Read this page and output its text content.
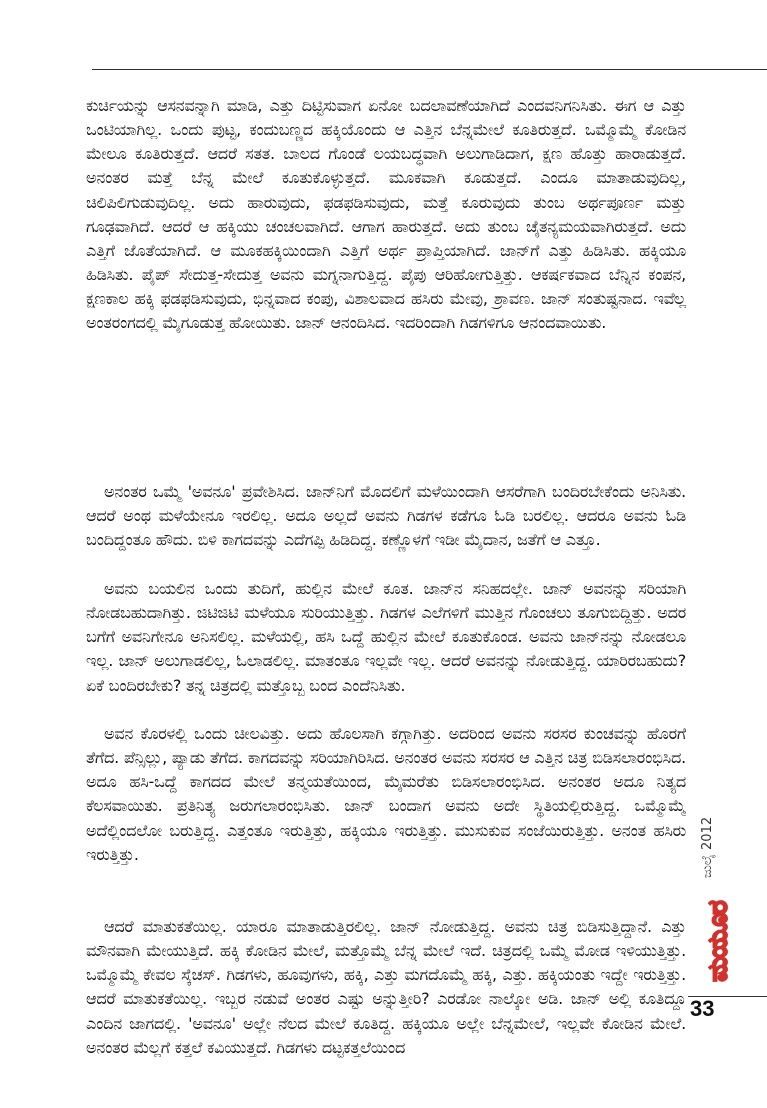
ಕುರ್ಚಿಯನ್ನು ಆಸನವನ್ನಾಗಿ ಮಾಡಿ, ಎತ್ತು ದಿಟ್ಟಿಸುವಾಗ ಏನೋ ಬದಲಾವಣೆಯಾಗಿದೆ ಎಂದವನಿಗನಿಸಿತು. ಈಗ ಆ ಎತ್ತು ಒಂಟಿಯಾಗಿಲ್ಲ. ಒಂದು ಪುಟ್ಟ, ಕಂದುಬಣ್ಣದ ಹಕ್ಕಿಯೊಂದು ಆ ಎತ್ತಿನ ಬೆನ್ನಮೇಲೆ ಕೂತಿರುತ್ತದೆ. ಒಮ್ಮೊಮ್ಮೆ ಕೋಡಿನ ಮೇಲೂ ಕೂತಿರುತ್ತದೆ. ಆದರೆ ಸತತ. ಬಾಲದ ಗೊಂಡೆ ಲಯಬದ್ಧವಾಗಿ ಅಲುಗಾಡಿದಾಗ, ಕ್ಷಣ ಹೊತ್ತು ಹಾರಾಡುತ್ತದೆ. ಅನಂತರ ಮತ್ತೆ ಬೆನ್ನ ಮೇಲೆ ಕೂತುಕೊಳ್ಳುತ್ತದೆ. ಮೂಕವಾಗಿ ಕೂಡುತ್ತದೆ. ಎಂದೂ ಮಾತಾಡುವುದಿಲ್ಲ, ಚಿಲಿಪಿಲಿಗುಡುವುದಿಲ್ಲ. ಅದು ಹಾರುವುದು, ಫಡಫಡಿಸುವುದು, ಮತ್ತೆ ಕೂರುವುದು ತುಂಬ ಅರ್ಥಪೂರ್ಣ ಮತ್ತು ಗೂಢವಾಗಿದೆ. ಆದರೆ ಆ ಹಕ್ಕಿಯು ಚಂಚಲವಾಗಿದೆ. ಆಗಾಗ ಹಾರುತ್ತದೆ. ಅದು ತುಂಬ ಚೈತನ್ಯಮಯವಾಗಿರುತ್ತದೆ. ಅದು ಎತ್ತಿಗೆ ಜೊತೆಯಾಗಿದೆ. ಆ ಮೂಕಹಕ್ಕಿಯಿಂದಾಗಿ ಎತ್ತಿಗೆ ಅರ್ಥ ಪ್ರಾಪ್ತಿಯಾಗಿದೆ. ಜಾನ್‌ಗೆ ಎತ್ತು ಹಿಡಿಸಿತು. ಹಕ್ಕಿಯೂ ಹಿಡಿಸಿತು. ಪೈಪ್ ಸೇದುತ್ತ-ಸೇದುತ್ತ ಅವನು ಮಗ್ನನಾಗುತ್ತಿದ್ದ. ಪೈಪು ಆರಿಹೋಗುತ್ತಿತ್ತು. ಆಕರ್ಷಕವಾದ ಬೆನ್ನಿನ ಕಂಪನ, ಕ್ಷಣಕಾಲ ಹಕ್ಕಿ ಫಡಫಡಿಸುವುದು, ಭಿನ್ನವಾದ ಕಂಪು, ವಿಶಾಲವಾದ ಹಸಿರು ಮೇವು, ಶ್ರಾವಣ. ಜಾನ್ ಸಂತುಷ್ಟನಾದ. ಇವೆಲ್ಲ ಅಂತರಂಗದಲ್ಲಿ ಮೈಗೂಡುತ್ತ ಹೋಯಿತು. ಜಾನ್ ಆನಂದಿಸಿದ. ಇದರಿಂದಾಗಿ ಗಿಡಗಳಿಗೂ ಆನಂದವಾಯಿತು.

ಅನಂತರ ಒಮ್ಮೆ 'ಅವನೂ' ಪ್ರವೇಶಿಸಿದ. ಜಾನ್‌ನಿಗೆ ಮೊದಲಿಗೆ ಮಳೆಯಿಂದಾಗಿ ಆಸರೆಗಾಗಿ ಬಂದಿರಬೇಕೆಂದು ಅನಿಸಿತು. ಆದರೆ ಅಂಥ ಮಳೆಯೇನೂ ಇರಲಿಲ್ಲ. ಅದೂ ಅಲ್ಲದೆ ಅವನು ಗಿಡಗಳ ಕಡೆಗೂ ಓಡಿ ಬರಲಿಲ್ಲ. ಆದರೂ ಅವನು ಓಡಿ ಬಂದಿದ್ದಂತೂ ಹೌದು. ಬಿಳಿ ಕಾಗದವನ್ನು ಎದೆಗಪ್ಪಿ ಹಿಡಿದಿದ್ದ. ಕಣ್ಣೊಳಗೆ ಇಡೀ ಮೈದಾನ, ಜತೆಗೆ ಆ ಎತ್ತೂ.

ಅವನು ಬಯಲಿನ ಒಂದು ತುದಿಗೆ, ಹುಲ್ಲಿನ ಮೇಲೆ ಕೂತ. ಜಾನ್‌ನ ಸನಿಹದಲ್ಲೇ. ಜಾನ್ ಅವನನ್ನು ಸರಿಯಾಗಿ ನೋಡಬಹುದಾಗಿತ್ತು. ಜಿಟಿಜಿಟಿ ಮಳೆಯೂ ಸುರಿಯುತ್ತಿತ್ತು. ಗಿಡಗಳ ಎಲೆಗಳಿಗೆ ಮುತ್ತಿನ ಗೊಂಚಲು ತೂಗುಬಿದ್ದಿತ್ತು. ಅದರ ಬಗೆಗೆ ಅವನಿಗೇನೂ ಅನಿಸಲಿಲ್ಲ. ಮಳೆಯಲ್ಲಿ, ಹಸಿ ಒದ್ದೆ ಹುಲ್ಲಿನ ಮೇಲೆ ಕೂತುಕೊಂಡ. ಅವನು ಜಾನ್‌ನನ್ನು ನೋಡಲೂ ಇಲ್ಲ. ಜಾನ್ ಅಲುಗಾಡಲಿಲ್ಲ, ಓಲಾಡಲಿಲ್ಲ. ಮಾತಂತೂ ಇಲ್ಲವೇ ಇಲ್ಲ. ಆದರೆ ಅವನನ್ನು ನೋಡುತ್ತಿದ್ದ. ಯಾರಿರಬಹುದು? ಏಕೆ ಬಂದಿರಬೇಕು? ತನ್ನ ಚಿತ್ರದಲ್ಲಿ ಮತ್ತೊಬ್ಬ ಬಂದ ಎಂದೆನಿಸಿತು.

ಅವನ ಕೊರಳಲ್ಲಿ ಒಂದು ಚೀಲವಿತ್ತು. ಅದು ಹೊಲಸಾಗಿ ಕಗ್ಗಾಗಿತ್ತು. ಅದರಿಂದ ಅವನು ಸರಸರ ಕುಂಚವನ್ನು ಹೊರಗೆ ತೆಗೆದ. ಪೆನ್ಸಿಲ್ಲು, ಪ್ಯಾಡು ತೆಗೆದ. ಕಾಗದವನ್ನು ಸರಿಯಾಗಿರಿಸಿದ. ಅನಂತರ ಅವನು ಸರಸರ ಆ ಎತ್ತಿನ ಚಿತ್ರ ಬಿಡಿಸಲಾರಂಭಿಸಿದ. ಅದೂ ಹಸಿ-ಒದ್ದೆ ಕಾಗದದ ಮೇಲೆ ತನ್ಮಯತೆಯಿಂದ, ಮೈಮರೆತು ಬಿಡಿಸಲಾರಂಭಿಸಿದ. ಅನಂತರ ಅದೂ ನಿತ್ಯದ ಕೆಲಸವಾಯಿತು. ಪ್ರತಿನಿತ್ಯ ಜರುಗಲಾರಂಭಿಸಿತು. ಜಾನ್ ಬಂದಾಗ ಅವನು ಅದೇ ಸ್ಥಿತಿಯಲ್ಲಿರುತ್ತಿದ್ದ. ಒಮ್ಮೊಮ್ಮೆ ಅದೆಲ್ಲಿಂದಲೋ ಬರುತ್ತಿದ್ದ. ಎತ್ತಂತೂ ಇರುತ್ತಿತ್ತು, ಹಕ್ಕಿಯೂ ಇರುತ್ತಿತ್ತು. ಮುಸುಕುವ ಸಂಜೆಯಿರುತ್ತಿತ್ತು. ಅನಂತ ಹಸಿರು ಇರುತ್ತಿತ್ತು.

ಆದರೆ ಮಾತುಕತೆಯಿಲ್ಲ. ಯಾರೂ ಮಾತಾಡುತ್ತಿರಲಿಲ್ಲ. ಜಾನ್ ನೋಡುತ್ತಿದ್ದ. ಅವನು ಚಿತ್ರ ಬಿಡಿಸುತ್ತಿದ್ದಾನೆ. ಎತ್ತು ಮೌನವಾಗಿ ಮೇಯುತ್ತಿದೆ. ಹಕ್ಕಿ ಕೋಡಿನ ಮೇಲೆ, ಮತ್ತೊಮ್ಮೆ ಬೆನ್ನ ಮೇಲೆ ಇದೆ. ಚಿತ್ರದಲ್ಲಿ ಒಮ್ಮೆ ಮೋಡ ಇಳಿಯುತ್ತಿತ್ತು. ಒಮ್ಮೊಮ್ಮೆ ಕೇವಲ ಸ್ಕೆಚಸ್. ಗಿಡಗಳು, ಹೂವುಗಳು, ಹಕ್ಕಿ, ಎತ್ತು ಮಗದೊಮ್ಮೆ ಹಕ್ಕಿ, ಎತ್ತು. ಹಕ್ಕಿಯಂತು ಇದ್ದೇ ಇರುತ್ತಿತ್ತು. ಆದರೆ ಮಾತುಕತೆಯಿಲ್ಲ. ಇಬ್ಬರ ನಡುವೆ ಅಂತರ ಎಷ್ಟು ಅನ್ನುತ್ತೀರಿ? ಎರಡೋ ನಾಲ್ಕೋ ಅಡಿ. ಜಾನ್ ಅಲ್ಲಿ ಕೂತಿದ್ದೂ ಎಂದಿನ ಜಾಗದಲ್ಲಿ. 'ಅವನೂ' ಅಲ್ಲೇ ನೆಲದ ಮೇಲೆ ಕೂತಿದ್ದ. ಹಕ್ಕಿಯೂ ಅಲ್ಲೇ ಬೆನ್ನಮೇಲೆ, ಇಲ್ಲವೇ ಕೋಡಿನ ಮೇಲೆ. ಅನಂತರ ಮೆಲ್ಲಗೆ ಕತ್ತಲೆ ಕವಿಯುತ್ತದೆ. ಗಿಡಗಳು ದಟ್ಟಕತ್ತಲೆಯಿಂದ

ಜುಲೈ 2012
ಮಯೂರ
33
